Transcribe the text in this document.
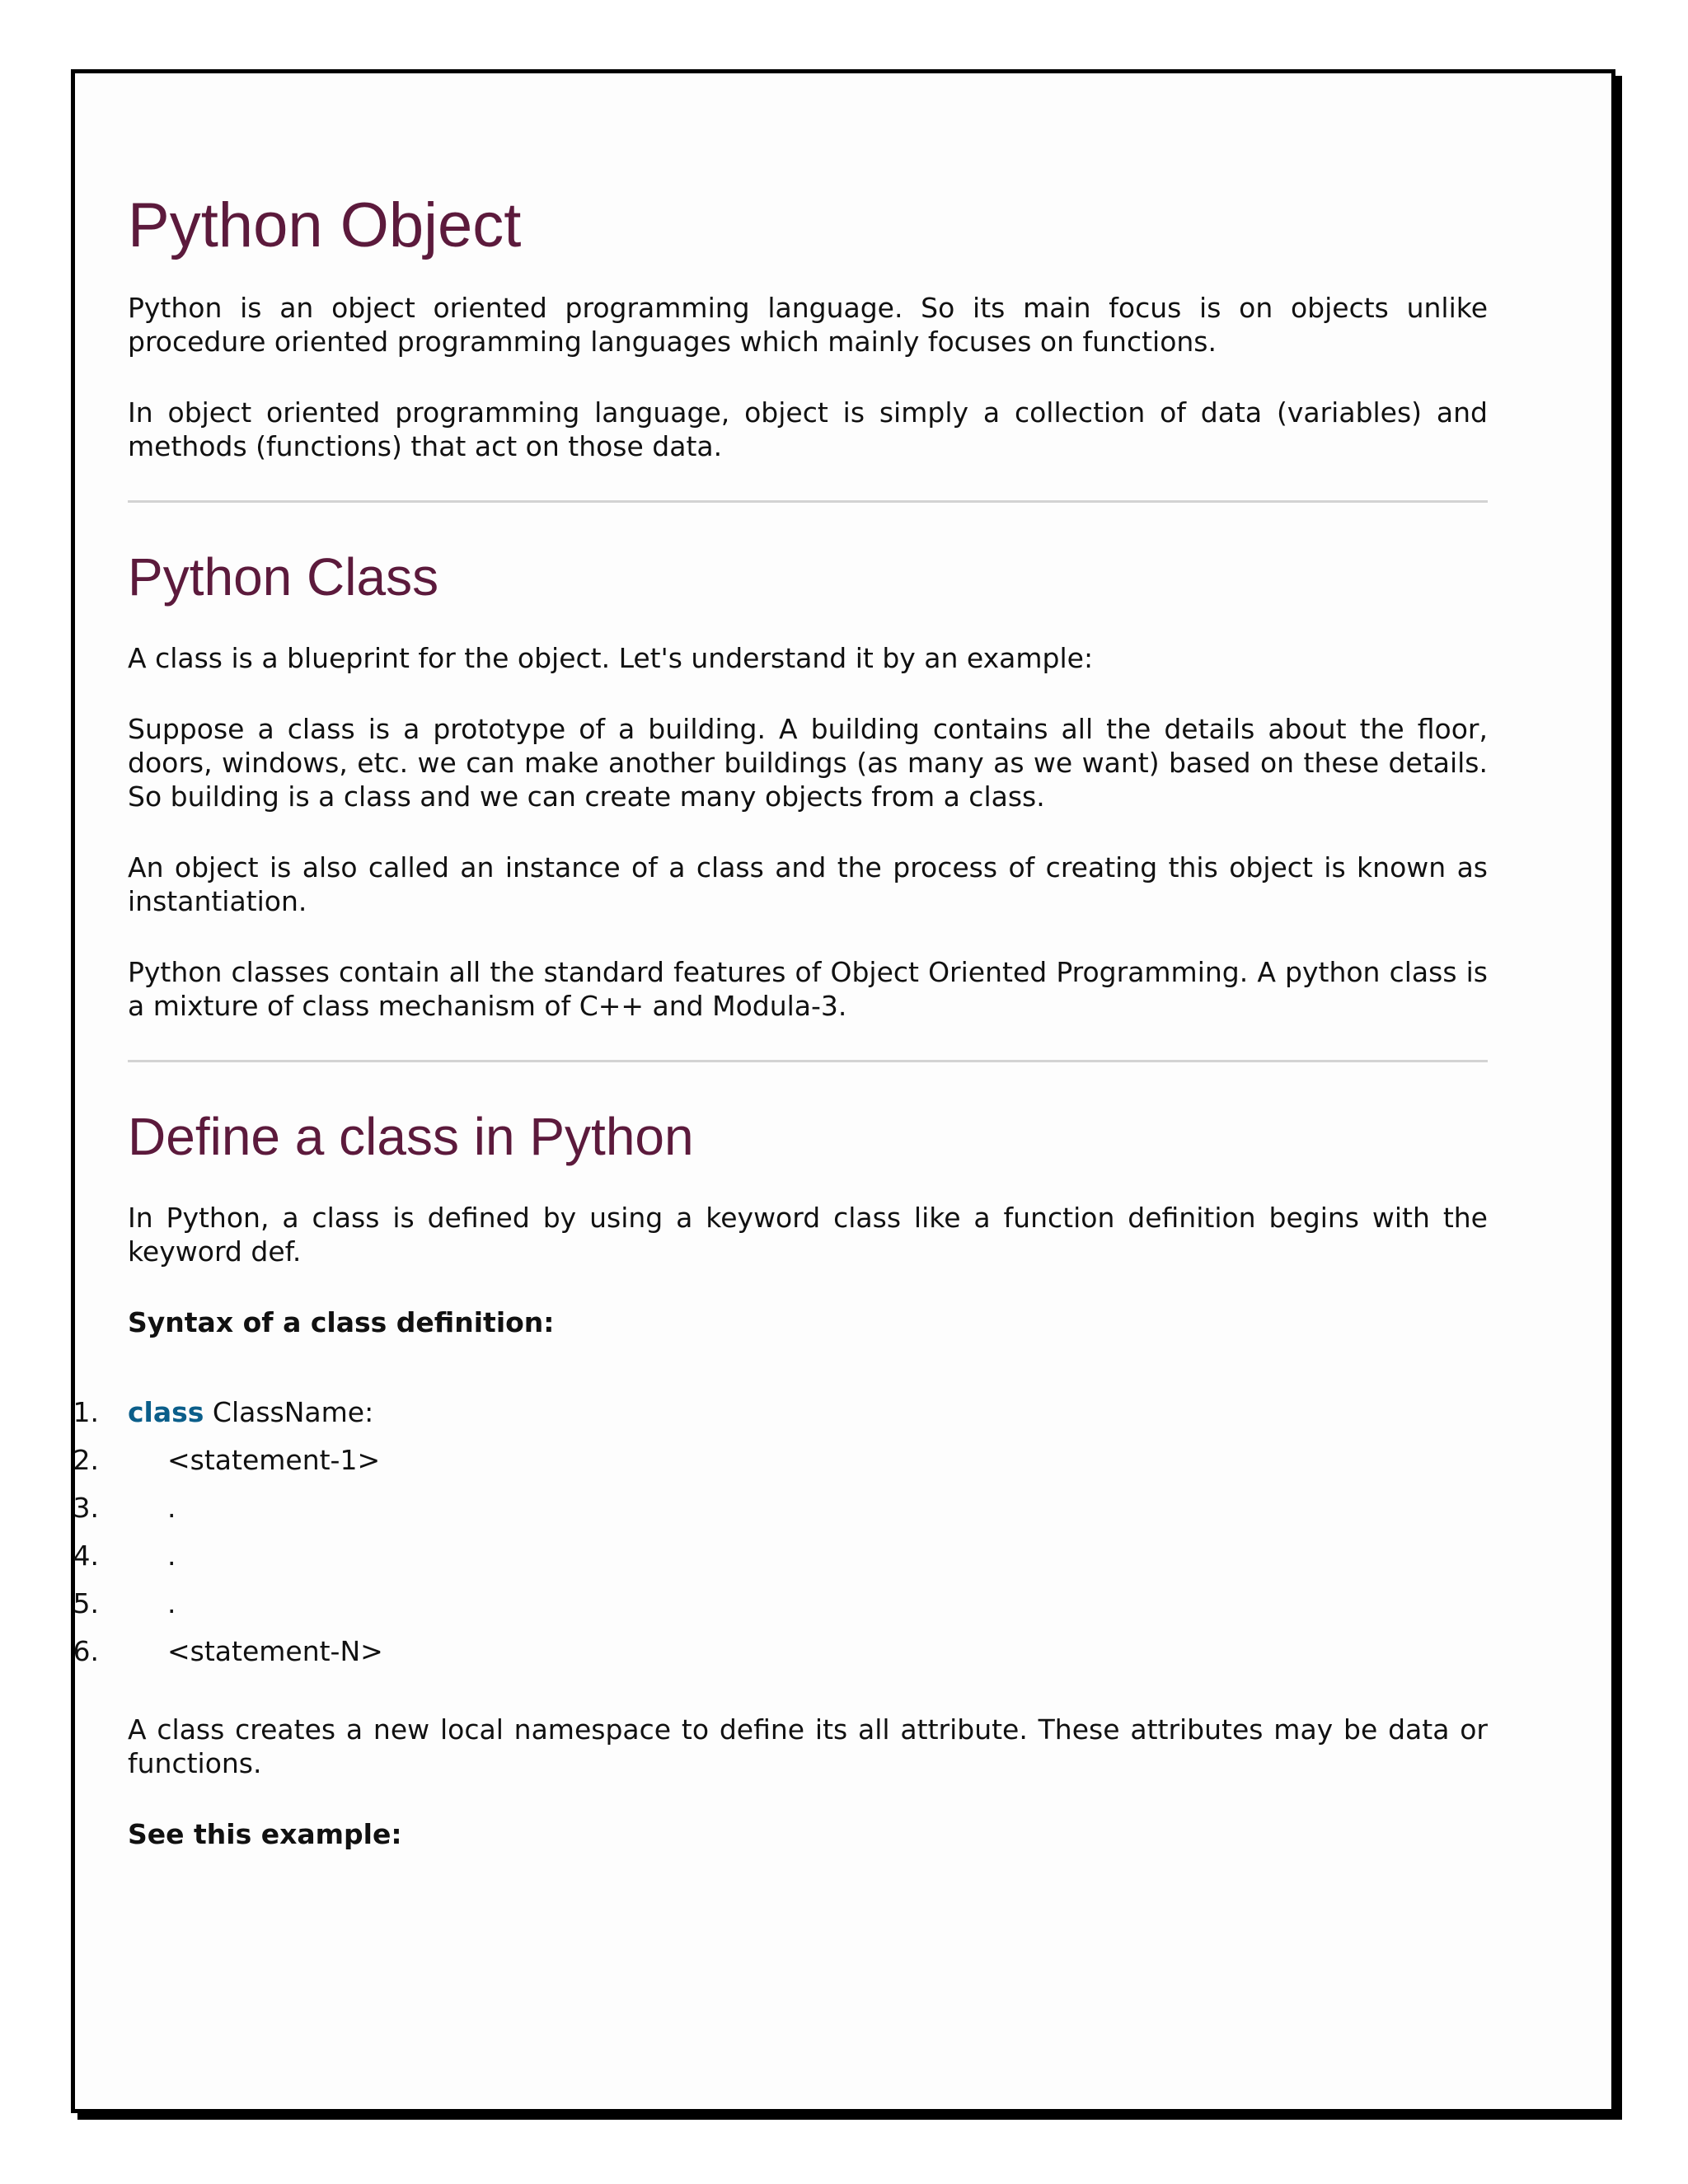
Python Object

Python is an object oriented programming language. So its main focus is on objects unlike procedure oriented programming languages which mainly focuses on functions.

In object oriented programming language, object is simply a collection of data (variables) and methods (functions) that act on those data.

Python Class

A class is a blueprint for the object. Let's understand it by an example:

Suppose a class is a prototype of a building. A building contains all the details about the floor, doors, windows, etc. we can make another buildings (as many as we want) based on these details. So building is a class and we can create many objects from a class.

An object is also called an instance of a class and the process of creating this object is known as instantiation.

Python classes contain all the standard features of Object Oriented Programming. A python class is a mixture of class mechanism of C++ and Modula-3.

Define a class in Python

In Python, a class is defined by using a keyword class like a function definition begins with the keyword def.

Syntax of a class definition:

1. class ClassName:
2.	<statement-1>
3.	.
4.	.
5.	.
6.	<statement-N>

A class creates a new local namespace to define its all attribute. These attributes may be data or functions.

See this example:
